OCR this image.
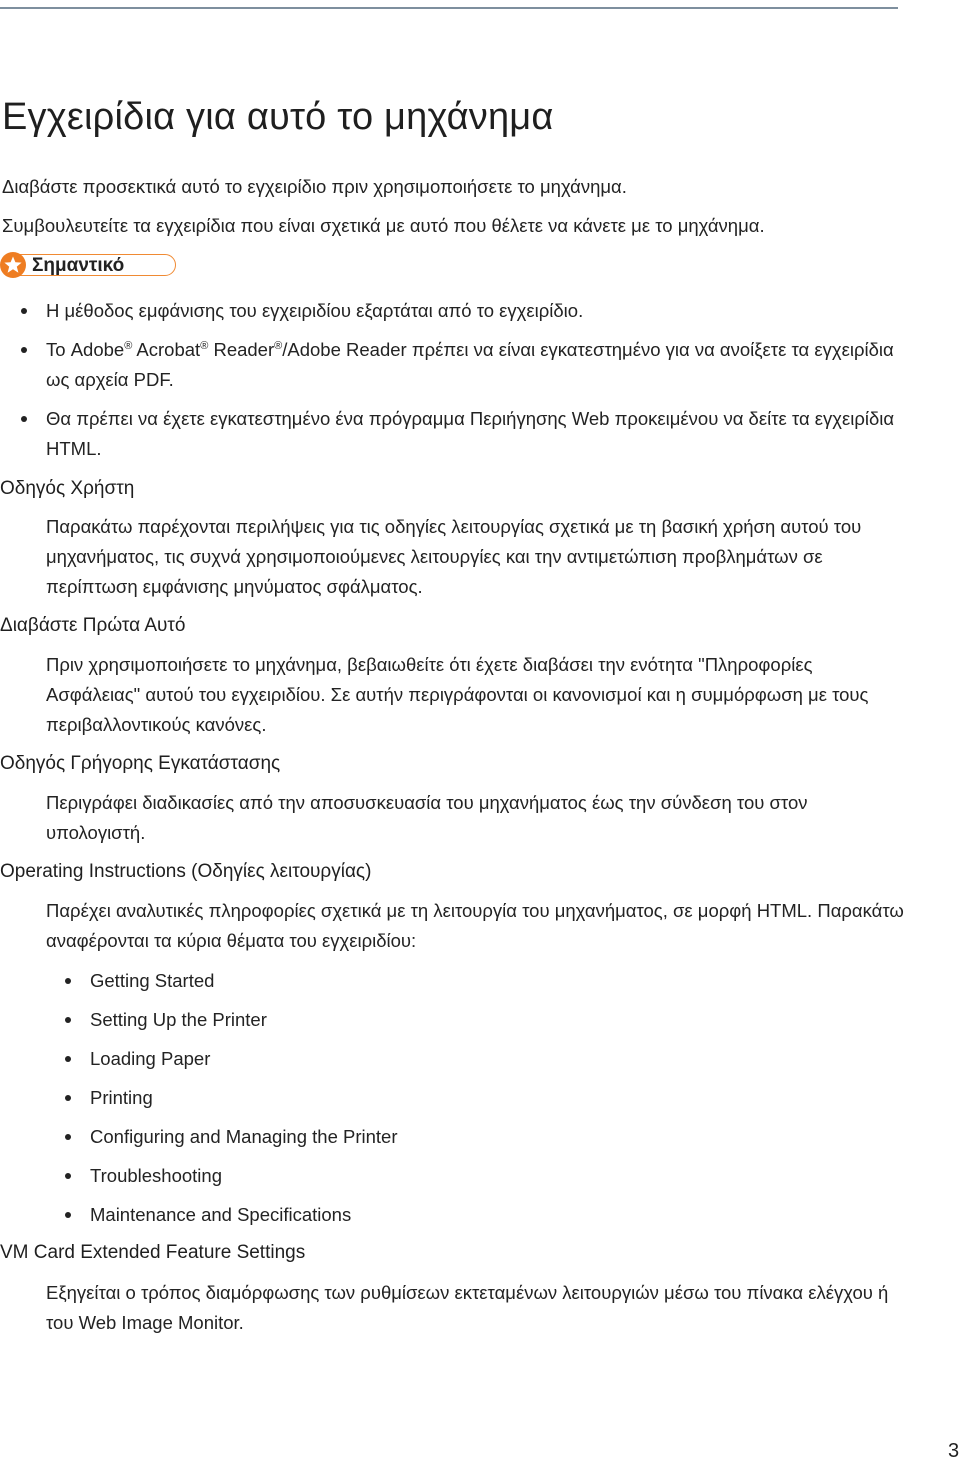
Εγχειρίδια για αυτό το μηχάνημα

Διαβάστε προσεκτικά αυτό το εγχειρίδιο πριν χρησιμοποιήσετε το μηχάνημα.

Συμβουλευτείτε τα εγχειρίδια που είναι σχετικά με αυτό που θέλετε να κάνετε με το μηχάνημα.

Σημαντικό
Η μέθοδος εμφάνισης του εγχειριδίου εξαρτάται από το εγχειρίδιο.
Το Adobe® Acrobat® Reader®/Adobe Reader πρέπει να είναι εγκατεστημένο για να ανοίξετε τα εγχειρίδια ως αρχεία PDF.
Θα πρέπει να έχετε εγκατεστημένο ένα πρόγραμμα Περιήγησης Web προκειμένου να δείτε τα εγχειρίδια HTML.
Οδηγός Χρήστη

Παρακάτω παρέχονται περιλήψεις για τις οδηγίες λειτουργίας σχετικά με τη βασική χρήση αυτού του μηχανήματος, τις συχνά χρησιμοποιούμενες λειτουργίες και την αντιμετώπιση προβλημάτων σε περίπτωση εμφάνισης μηνύματος σφάλματος.

Διαβάστε Πρώτα Αυτό

Πριν χρησιμοποιήσετε το μηχάνημα, βεβαιωθείτε ότι έχετε διαβάσει την ενότητα "Πληροφορίες Ασφάλειας" αυτού του εγχειριδίου. Σε αυτήν περιγράφονται οι κανονισμοί και η συμμόρφωση με τους περιβαλλοντικούς κανόνες.

Οδηγός Γρήγορης Εγκατάστασης

Περιγράφει διαδικασίες από την αποσυσκευασία του μηχανήματος έως την σύνδεση του στον υπολογιστή.

Operating Instructions (Οδηγίες λειτουργίας)

Παρέχει αναλυτικές πληροφορίες σχετικά με τη λειτουργία του μηχανήματος, σε μορφή HTML. Παρακάτω αναφέρονται τα κύρια θέματα του εγχειριδίου:

Getting Started
Setting Up the Printer
Loading Paper
Printing
Configuring and Managing the Printer
Troubleshooting
Maintenance and Specifications
VM Card Extended Feature Settings

Εξηγείται ο τρόπος διαμόρφωσης των ρυθμίσεων εκτεταμένων λειτουργιών μέσω του πίνακα ελέγχου ή του Web Image Monitor.

3
